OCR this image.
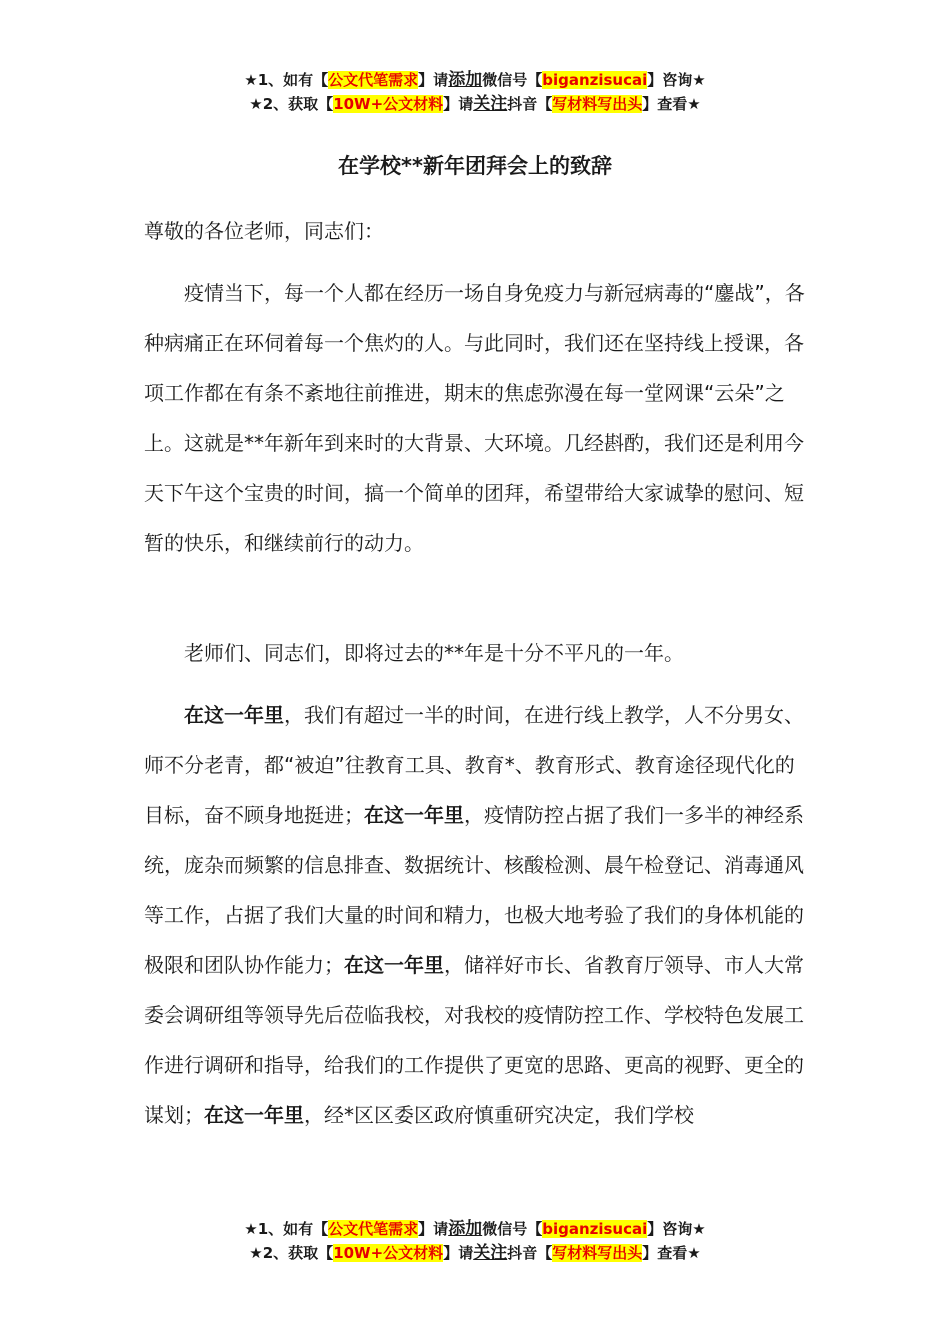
★1、如有【公文代笔需求】请添加微信号【biganzisucai】咨询★
★2、获取【10W+公文材料】请关注抖音【写材料写出头】查看★
在学校**新年团拜会上的致辞
尊敬的各位老师，同志们：

疫情当下，每一个人都在经历一场自身免疫力与新冠病毒的“鏖战”，各种病痛正在环伺着每一个焦灼的人。与此同时，我们还在坚持线上授课，各项工作都在有条不紊地往前推进，期末的焦虑弥漫在每一堂网课“云朵”之上。这就是**年新年到来时的大背景、大环境。几经斟酌，我们还是利用今天下午这个宝贵的时间，搞一个简单的团拜，希望带给大家诚挚的慰问、短暂的快乐，和继续前行的动力。

老师们、同志们，即将过去的**年是十分不平凡的一年。

在这一年里，我们有超过一半的时间，在进行线上教学，人不分男女、师不分老青，都“被迫”往教育工具、教育*、教育形式、教育途径现代化的目标，奋不顾身地挺进；在这一年里，疫情防控占据了我们一多半的神经系统，庞杂而频繁的信息排查、数据统计、核酸检测、晨午检登记、消毒通风等工作，占据了我们大量的时间和精力，也极大地考验了我们的身体机能的极限和团队协作能力；在这一年里，储祥好市长、省教育厅领导、市人大常委会调研组等领导先后莅临我校，对我校的疫情防控工作、学校特色发展工作进行调研和指导，给我们的工作提供了更宽的思路、更高的视野、更全的谋划；在这一年里，经*区区委区政府慎重研究决定，我们学校

★1、如有【公文代笔需求】请添加微信号【biganzisucai】咨询★
★2、获取【10W+公文材料】请关注抖音【写材料写出头】查看★
